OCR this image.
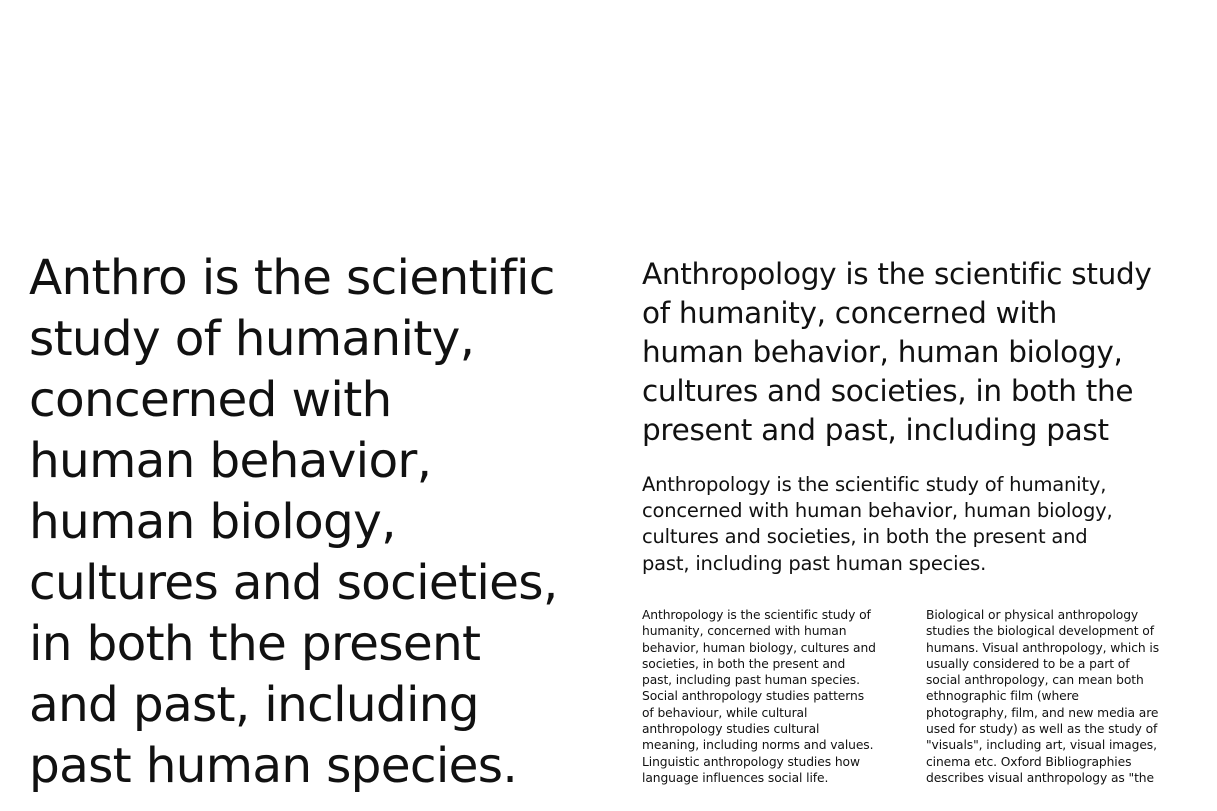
Anthro is the scientific
study of humanity,
concerned with
human behavior,
human biology,
cultures and societies,
in both the present
and past, including
past human species.
Anthropology is the scientific study
of humanity, concerned with
human behavior, human biology,
cultures and societies, in both the
present and past, including past
Anthropology is the scientific study of humanity,
concerned with human behavior, human biology,
cultures and societies, in both the present and
past, including past human species.
Anthropology is the scientific study of
humanity, concerned with human
behavior, human biology, cultures and
societies, in both the present and
past, including past human species.
Social anthropology studies patterns
of behaviour, while cultural
anthropology studies cultural
meaning, including norms and values.
Linguistic anthropology studies how
language influences social life.
Biological or physical anthropology
studies the biological development of
humans. Visual anthropology, which is
usually considered to be a part of
social anthropology, can mean both
ethnographic film (where
photography, film, and new media are
used for study) as well as the study of
"visuals", including art, visual images,
cinema etc. Oxford Bibliographies
describes visual anthropology as "the
